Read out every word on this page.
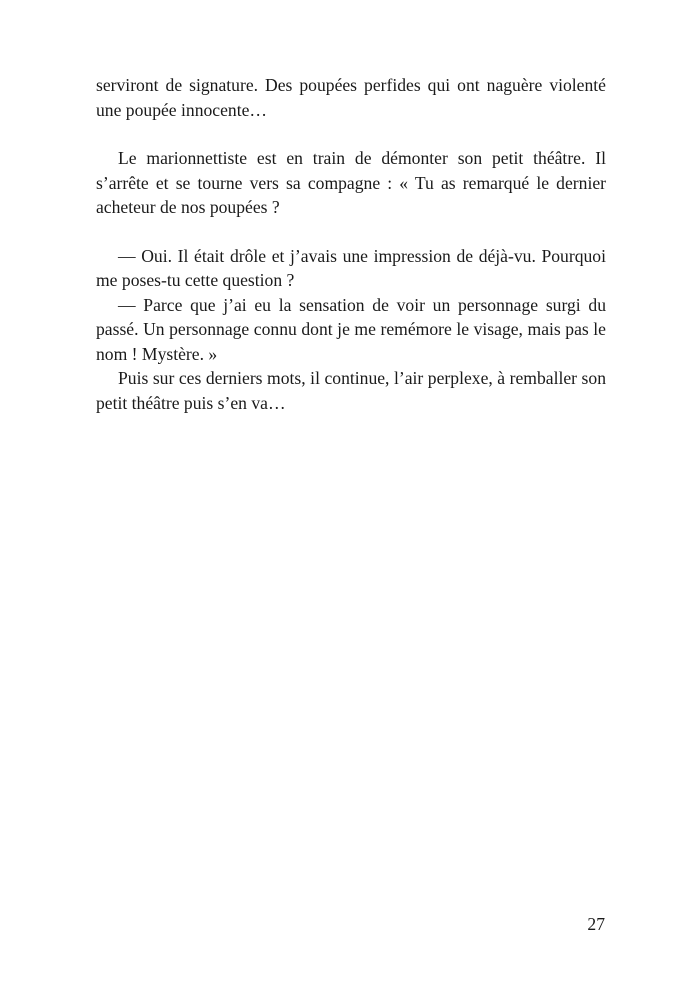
serviront de signature. Des poupées perfides qui ont naguère violenté une poupée innocente…

Le marionnettiste est en train de démonter son petit théâtre. Il s’arrête et se tourne vers sa compagne : « Tu as remarqué le dernier acheteur de nos poupées ?

— Oui. Il était drôle et j’avais une impression de déjà-vu. Pourquoi me poses-tu cette question ?

— Parce que j’ai eu la sensation de voir un personnage surgi du passé. Un personnage connu dont je me remémore le visage, mais pas le nom ! Mystère. »

Puis sur ces derniers mots, il continue, l’air perplexe, à remballer son petit théâtre puis s’en va…

27
